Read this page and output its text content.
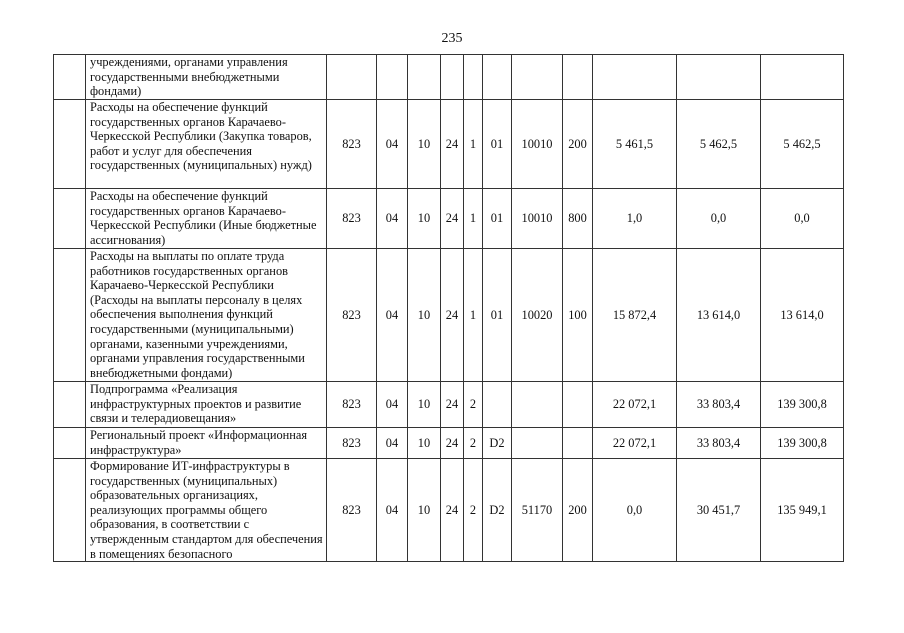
235
	учреждениями, органами управления государственными внебюджетными фондами)											
	Расходы на обеспечение функций государственных органов Карачаево-Черкесской Республики (Закупка товаров, работ и услуг для обеспечения государственных (муниципальных) нужд)	823	04	10	24	1	01	10010	200	5 461,5	5 462,5	5 462,5
	Расходы на обеспечение функций государственных органов Карачаево-Черкесской Республики (Иные бюджетные ассигнования)	823	04	10	24	1	01	10010	800	1,0	0,0	0,0
	Расходы на выплаты по оплате труда работников государственных органов Карачаево-Черкесской Республики (Расходы на выплаты персоналу в целях обеспечения выполнения функций государственными (муниципальными) органами, казенными учреждениями, органами управления государственными внебюджетными фондами)	823	04	10	24	1	01	10020	100	15 872,4	13 614,0	13 614,0
	Подпрограмма «Реализация инфраструктурных проектов и развитие связи и телерадиовещания»	823	04	10	24	2				22 072,1	33 803,4	139 300,8
	Региональный проект «Информационная инфраструктура»	823	04	10	24	2	D2			22 072,1	33 803,4	139 300,8
	Формирование ИТ-инфраструктуры в государственных (муниципальных) образовательных организациях, реализующих программы общего образования, в соответствии с утвержденным стандартом для обеспечения в помещениях безопасного	823	04	10	24	2	D2	51170	200	0,0	30 451,7	135 949,1
